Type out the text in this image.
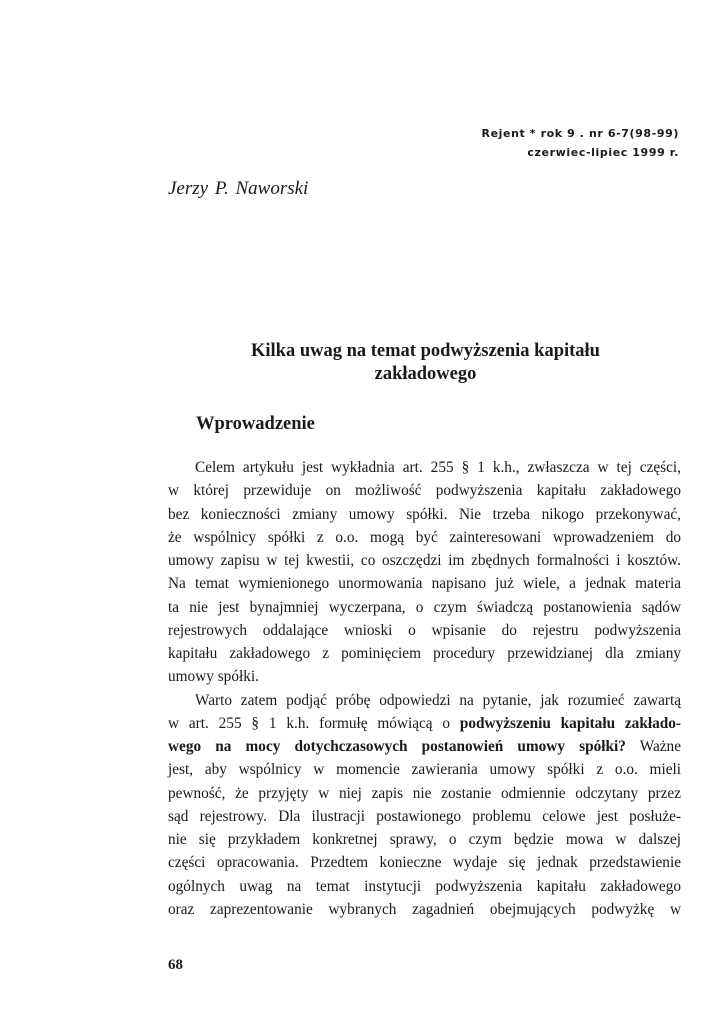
Rejent * rok 9 . nr 6-7(98-99)
czerwiec-lipiec 1999 r.
Jerzy P. Naworski
Kilka uwag na temat podwyższenia kapitału
zakładowego
Wprowadzenie
Celem artykułu jest wykładnia art. 255 § 1 k.h., zwłaszcza w tej części,
w której przewiduje on możliwość podwyższenia kapitału zakładowego
bez konieczności zmiany umowy spółki. Nie trzeba nikogo przekonywać,
że wspólnicy spółki z o.o. mogą być zainteresowani wprowadzeniem do
umowy zapisu w tej kwestii, co oszczędzi im zbędnych formalności i kosztów.
Na temat wymienionego unormowania napisano już wiele, a jednak materia
ta nie jest bynajmniej wyczerpana, o czym świadczą postanowienia sądów
rejestrowych oddalające wnioski o wpisanie do rejestru podwyższenia
kapitału zakładowego z pominięciem procedury przewidzianej dla zmiany
umowy spółki.
Warto zatem podjąć próbę odpowiedzi na pytanie, jak rozumieć zawartą
w art. 255 § 1 k.h. formułę mówiącą o podwyższeniu kapitału zakłado-
wego na mocy dotychczasowych postanowień umowy spółki? Ważne
jest, aby wspólnicy w momencie zawierania umowy spółki z o.o. mieli
pewność, że przyjęty w niej zapis nie zostanie odmiennie odczytany przez
sąd rejestrowy. Dla ilustracji postawionego problemu celowe jest posłuże-
nie się przykładem konkretnej sprawy, o czym będzie mowa w dalszej
części opracowania. Przedtem konieczne wydaje się jednak przedstawienie
ogólnych uwag na temat instytucji podwyższenia kapitału zakładowego
oraz zaprezentowanie wybranych zagadnień obejmujących podwyżkę w
68
